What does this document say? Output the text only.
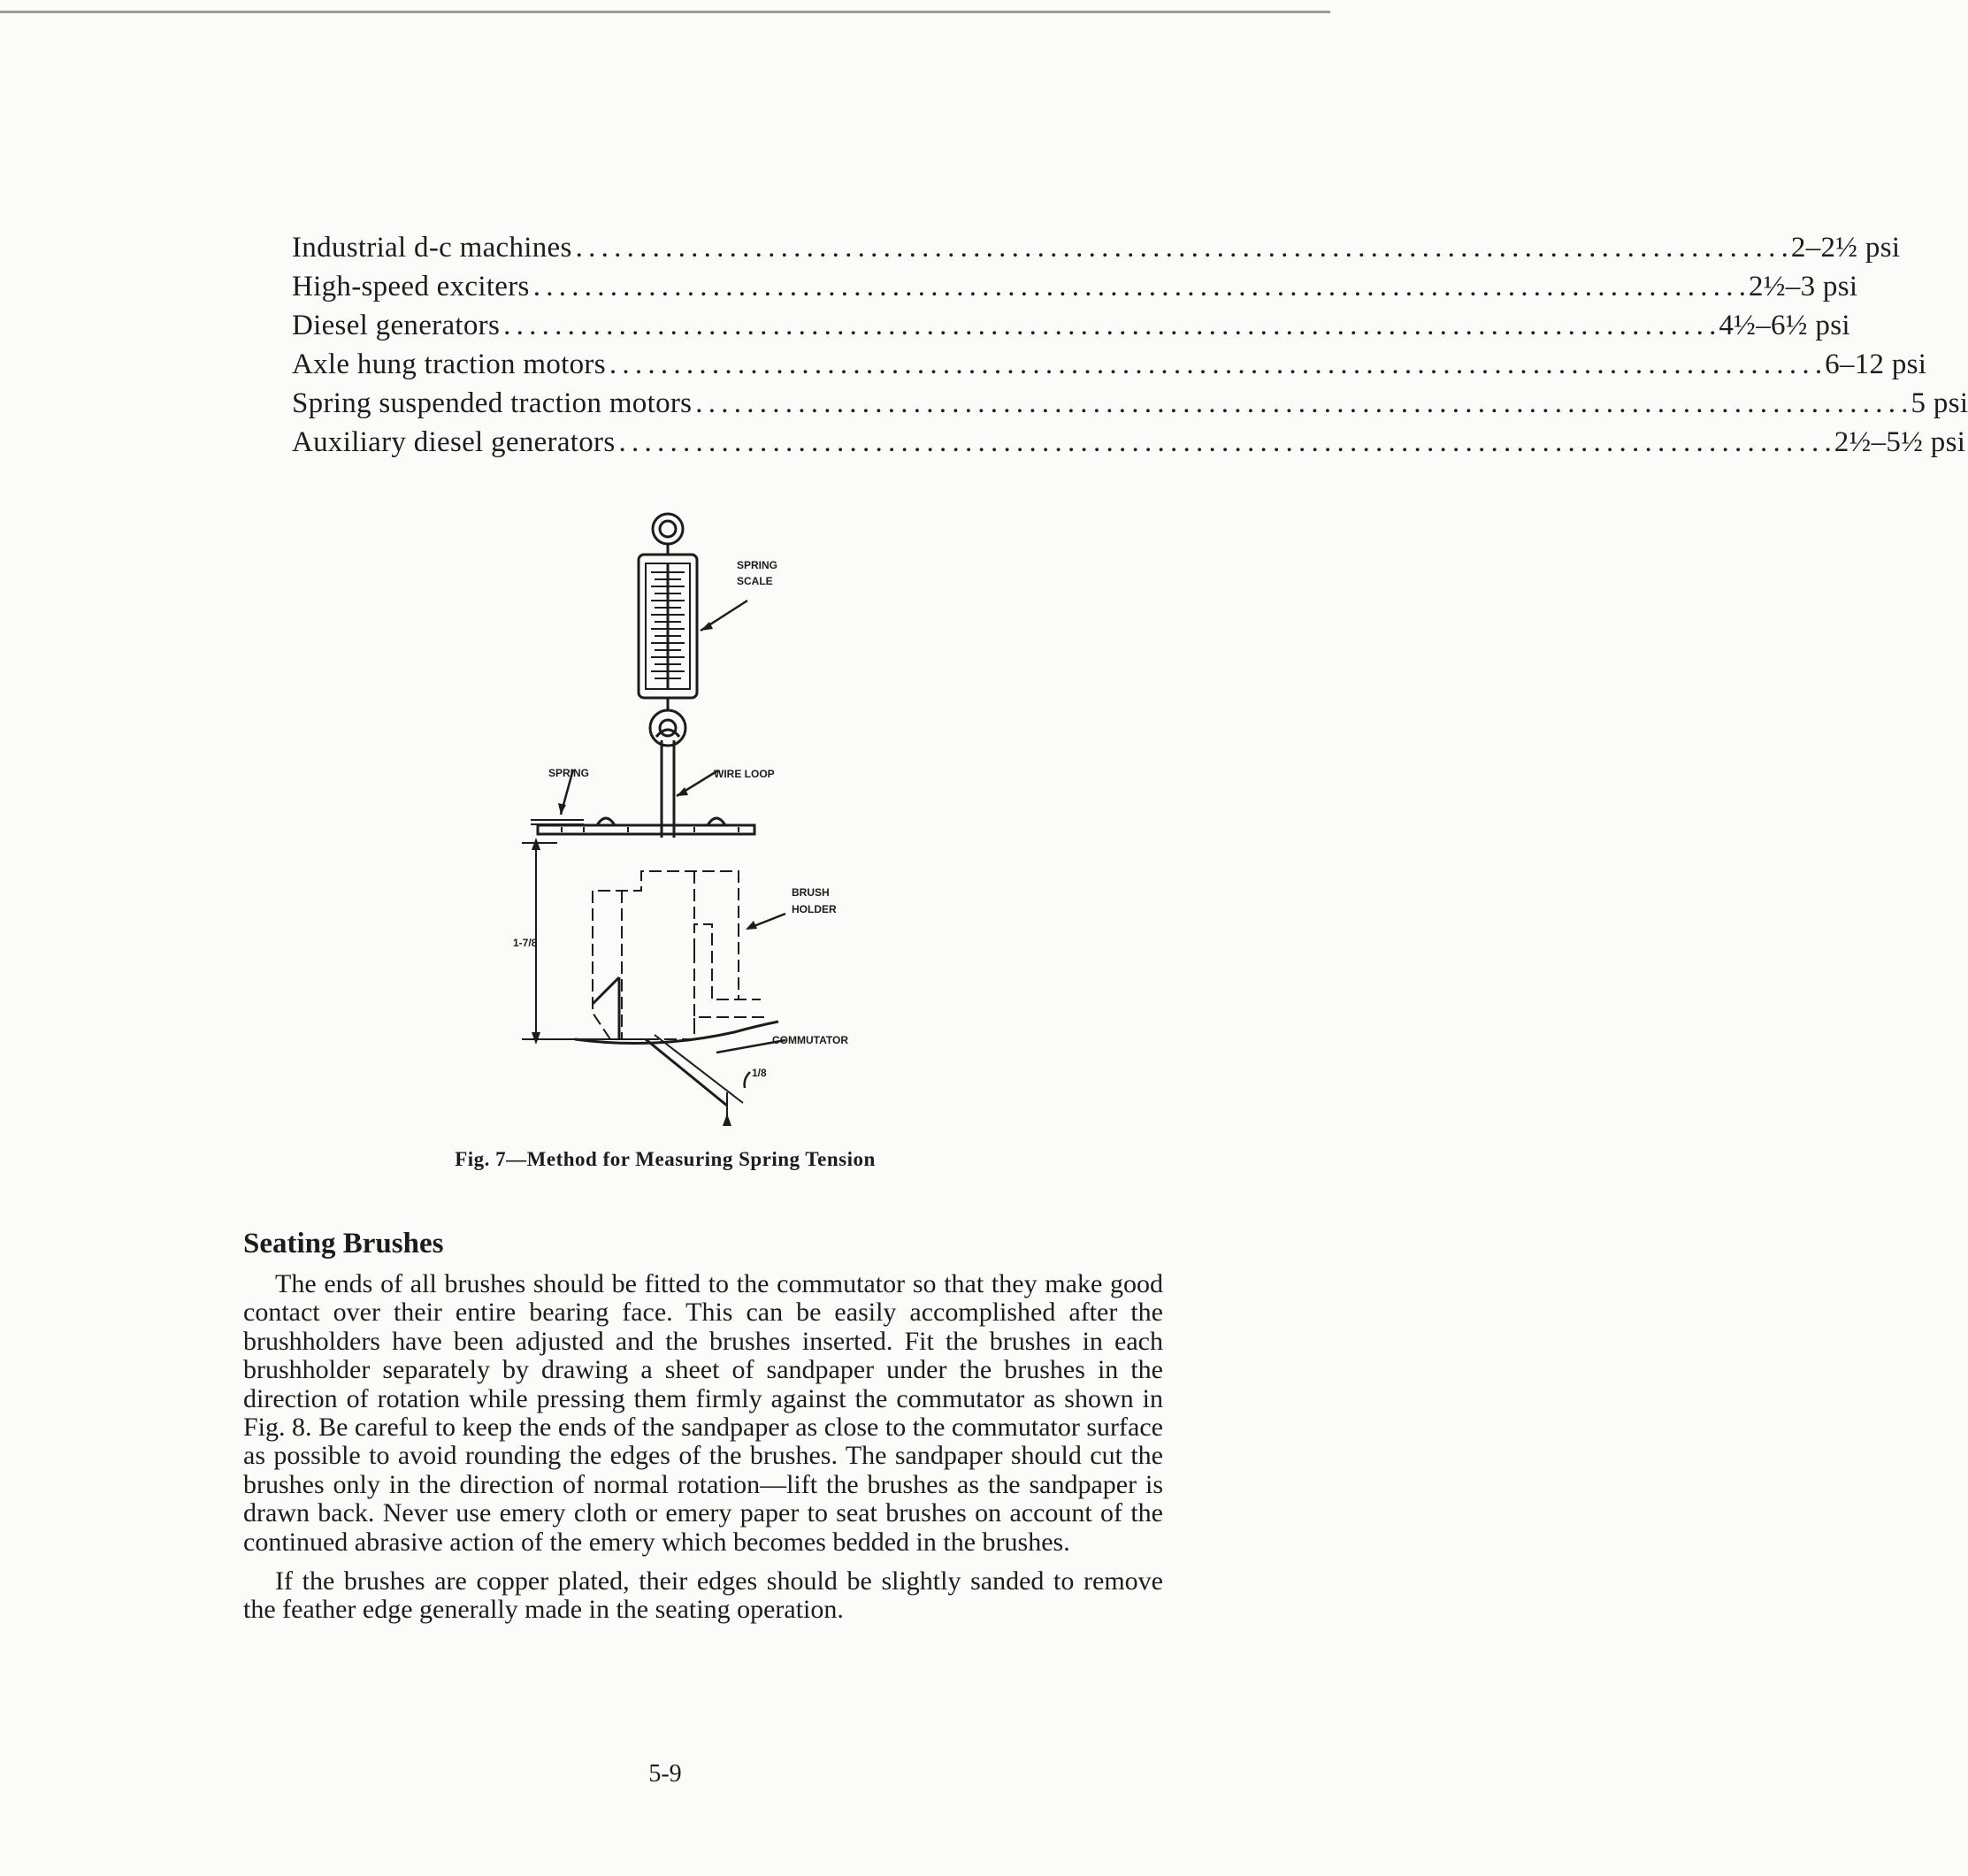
Industrial d-c machines . . .	2–2½ psi
High-speed exciters . . .	2½–3 psi
Diesel generators . . .	4½–6½ psi
Axle hung traction motors . . .	6–12 psi
Spring suspended traction motors . . .	5 psi
Auxiliary diesel generators . . .	2½–5½ psi
SPRING
SCALE
SPRING	WIRE LOOP
BRUSH
HOLDER
1-7/8
COMMUTATOR
1/8
Fig. 7—Method for Measuring Spring Tension
Seating Brushes

The ends of all brushes should be fitted to the commutator so that they make good contact over their entire bearing face. This can be easily accomplished after the brushholders have been adjusted and the brushes inserted. Fit the brushes in each brushholder separately by drawing a sheet of sandpaper under the brushes in the direction of rotation while pressing them firmly against the commutator as shown in Fig. 8. Be careful to keep the ends of the sandpaper as close to the commutator surface as possible to avoid rounding the edges of the brushes. The sandpaper should cut the brushes only in the direction of normal rotation—lift the brushes as the sandpaper is drawn back. Never use emery cloth or emery paper to seat brushes on account of the continued abrasive action of the emery which becomes bedded in the brushes.

If the brushes are copper plated, their edges should be slightly sanded to remove the feather edge generally made in the seating operation.

5-9
